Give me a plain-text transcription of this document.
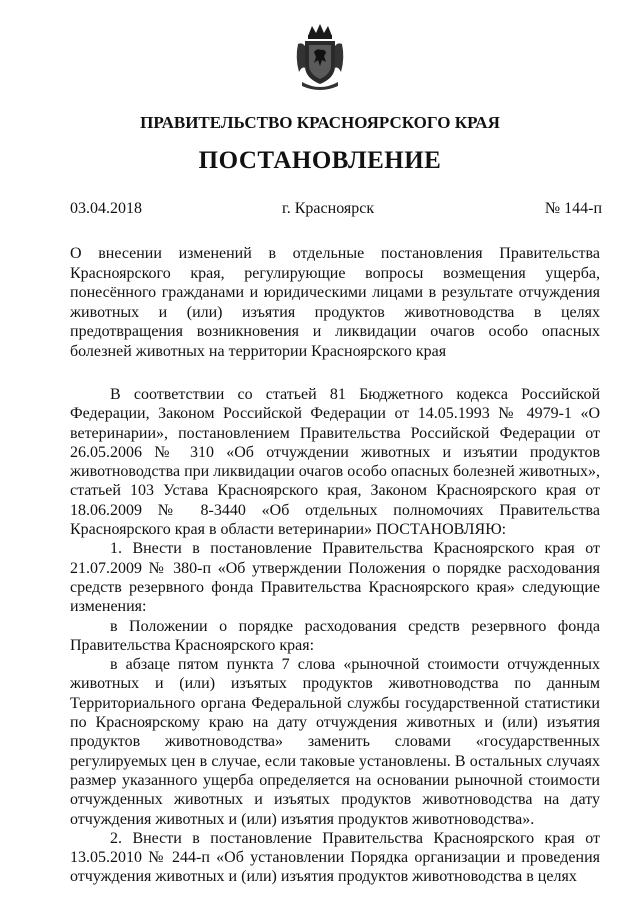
ПРАВИТЕЛЬСТВО КРАСНОЯРСКОГО КРАЯ
ПОСТАНОВЛЕНИЕ
03.04.2018	г. Красноярск	№ 144-п
О внесении изменений в отдельные постановления Правительства Красноярского края, регулирующие вопросы возмещения ущерба, понесённого гражданами и юридическими лицами в результате отчуждения животных и (или) изъятия продуктов животноводства в целях предотвращения возникновения и ликвидации очагов особо опасных болезней животных на территории Красноярского края

В соответствии со статьей 81 Бюджетного кодекса Российской Федерации, Законом Российской Федерации от 14.05.1993 № 4979-1 «О ветеринарии», постановлением Правительства Российской Федерации от 26.05.2006 № 310 «Об отчуждении животных и изъятии продуктов животноводства при ликвидации очагов особо опасных болезней животных», статьей 103 Устава Красноярского края, Законом Красноярского края от 18.06.2009 № 8-3440 «Об отдельных полномочиях Правительства Красноярского края в области ветеринарии» ПОСТАНОВЛЯЮ:

1. Внести в постановление Правительства Красноярского края от 21.07.2009 № 380-п «Об утверждении Положения о порядке расходования средств резервного фонда Правительства Красноярского края» следующие изменения:

в Положении о порядке расходования средств резервного фонда Правительства Красноярского края:

в абзаце пятом пункта 7 слова «рыночной стоимости отчужденных животных и (или) изъятых продуктов животноводства по данным Территориального органа Федеральной службы государственной статистики по Красноярскому краю на дату отчуждения животных и (или) изъятия продуктов животноводства» заменить словами «государственных регулируемых цен в случае, если таковые установлены. В остальных случаях размер указанного ущерба определяется на основании рыночной стоимости отчужденных животных и изъятых продуктов животноводства на дату отчуждения животных и (или) изъятия продуктов животноводства».

2. Внести в постановление Правительства Красноярского края от 13.05.2010 № 244-п «Об установлении Порядка организации и проведения отчуждения животных и (или) изъятия продуктов животноводства в целях
